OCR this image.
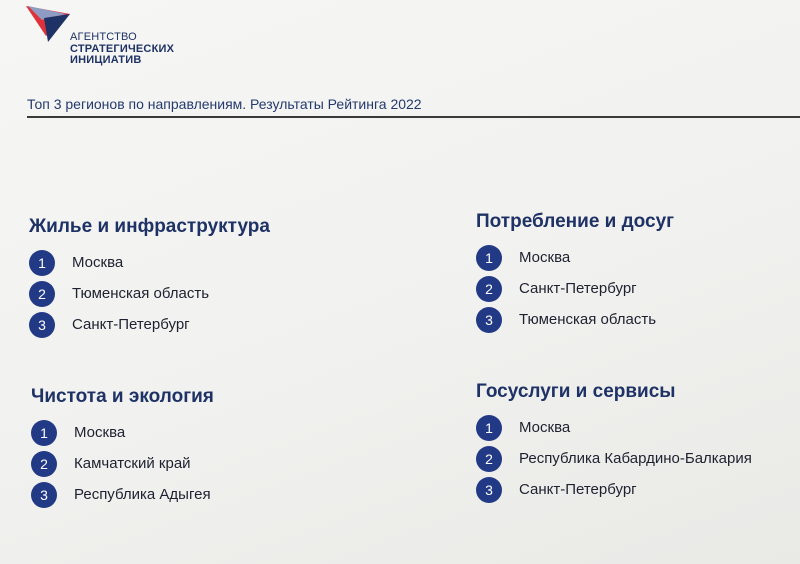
АГЕНТСТВО
СТРАТЕГИЧЕСКИХ
ИНИЦИАТИВ
Топ 3 регионов по направлениям. Результаты Рейтинга 2022
Жилье и инфраструктура
1	Москва
2	Тюменская область
3	Санкт-Петербург
Потребление и досуг
1	Москва
2	Санкт-Петербург
3	Тюменская область
Чистота и экология
1	Москва
2	Камчатский край
3	Республика Адыгея
Госуслуги и сервисы
1	Москва
2	Республика Кабардино-Балкария
3	Санкт-Петербург
